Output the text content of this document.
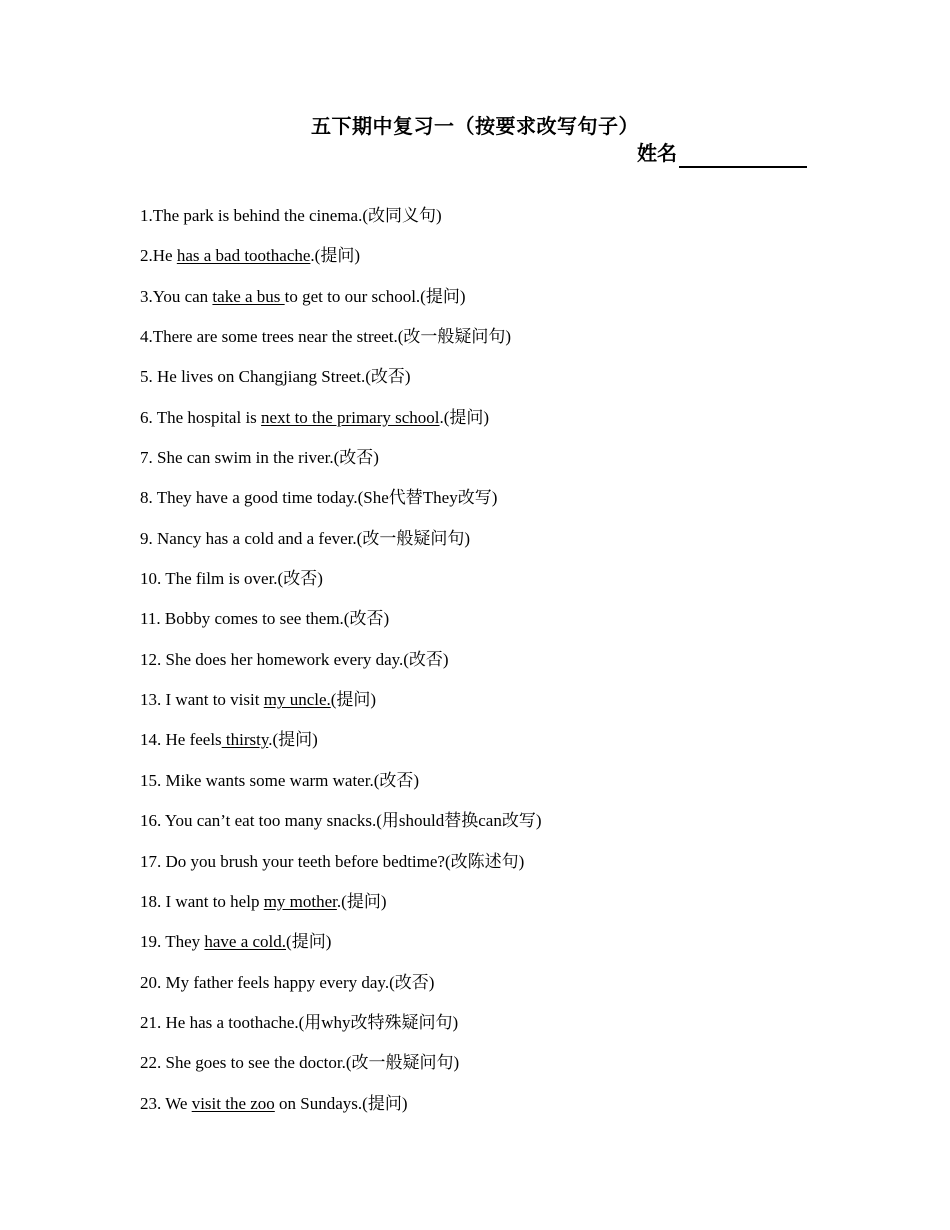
五下期中复习一（按要求改写句子）
姓名
1.The park is behind the cinema.(改同义句)
2.He has a bad toothache.(提问)
3.You can take a bus to get to our school.(提问)
4.There are some trees near the street.(改一般疑问句)
5. He lives on Changjiang Street.(改否)
6. The hospital is next to the primary school.(提问)
7. She can swim in the river.(改否)
8. They have a good time today.(She代替They改写)
9. Nancy has a cold and a fever.(改一般疑问句)
10. The film is over.(改否)
11. Bobby comes to see them.(改否)
12. She does her homework every day.(改否)
13. I want to visit my uncle.(提问)
14. He feels thirsty.(提问)
15. Mike wants some warm water.(改否)
16. You can’t eat too many snacks.(用should替换can改写)
17. Do you brush your teeth before bedtime?(改陈述句)
18. I want to help my mother.(提问)
19. They have a cold.(提问)
20. My father feels happy every day.(改否)
21. He has a toothache.(用why改特殊疑问句)
22. She goes to see the doctor.(改一般疑问句)
23. We visit the zoo on Sundays.(提问)
